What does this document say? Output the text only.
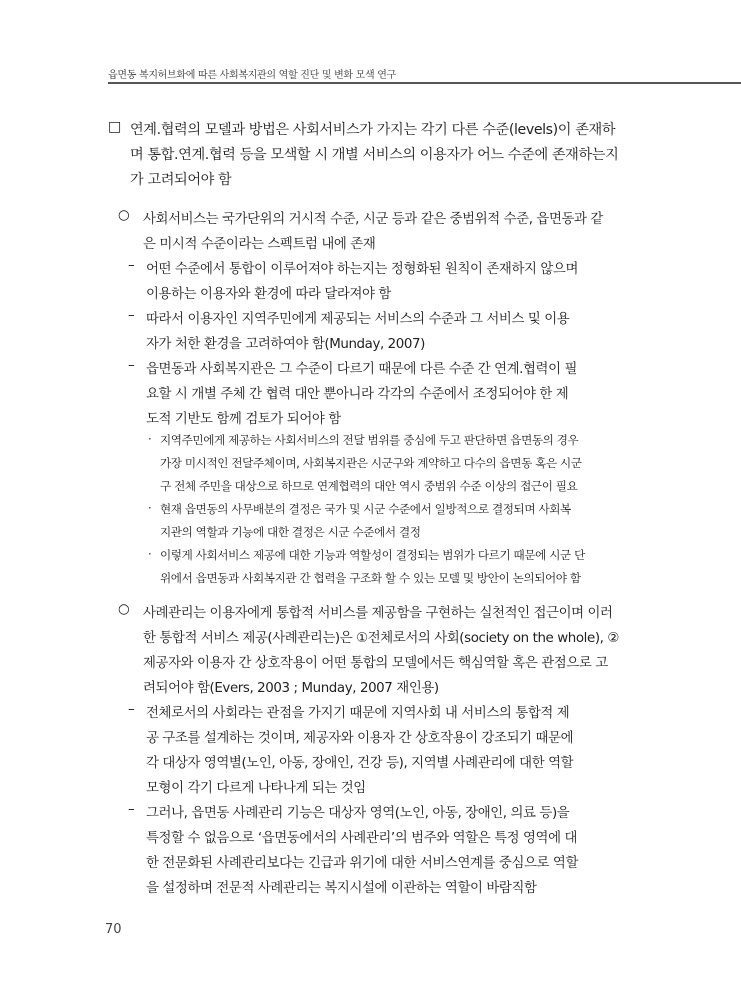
읍면동 복지허브화에 따른 사회복지관의 역할 진단 및 변화 모색 연구
□ 연계.협력의 모델과 방법은 사회서비스가 가지는 각기 다른 수준(levels)이 존재하
며 통합.연계.협력 등을 모색할 시 개별 서비스의 이용자가 어느 수준에 존재하는지
가 고려되어야 함
○ 사회서비스는 국가단위의 거시적 수준, 시군 등과 같은 중범위적 수준, 읍면동과 같
은 미시적 수준이라는 스펙트럼 내에 존재
– 어떤 수준에서 통합이 이루어져야 하는지는 정형화된 원칙이 존재하지 않으며
이용하는 이용자와 환경에 따라 달라져야 함
– 따라서 이용자인 지역주민에게 제공되는 서비스의 수준과 그 서비스 및 이용
자가 처한 환경을 고려하여야 함(Munday, 2007)
– 읍면동과 사회복지관은 그 수준이 다르기 때문에 다른 수준 간 연계.협력이 필
요할 시 개별 주체 간 협력 대안 뿐아니라 각각의 수준에서 조정되어야 한 제
도적 기반도 함께 검토가 되어야 함
· 지역주민에게 제공하는 사회서비스의 전달 범위를 중심에 두고 판단하면 읍면동의 경우
가장 미시적인 전달주체이며, 사회복지관은 시군구와 계약하고 다수의 읍면동 혹은 시군
구 전체 주민을 대상으로 하므로 연계협력의 대안 역시 중범위 수준 이상의 접근이 필요
· 현재 읍면동의 사무배분의 결정은 국가 및 시군 수준에서 일방적으로 결정되며 사회복
지관의 역할과 기능에 대한 결정은 시군 수준에서 결정
· 이렇게 사회서비스 제공에 대한 기능과 역할성이 결정되는 범위가 다르기 때문에 시군 단
위에서 읍면동과 사회복지관 간 협력을 구조화 할 수 있는 모델 및 방안이 논의되어야 함
○ 사례관리는 이용자에게 통합적 서비스를 제공함을 구현하는 실천적인 접근이며 이러
한 통합적 서비스 제공(사례관리는)은 ①전체로서의 사회(society on the whole), ②
제공자와 이용자 간 상호작용이 어떤 통합의 모델에서든 핵심역할 혹은 관점으로 고
려되어야 함(Evers, 2003 ; Munday, 2007 재인용)
– 전체로서의 사회라는 관점을 가지기 때문에 지역사회 내 서비스의 통합적 제
공 구조를 설계하는 것이며, 제공자와 이용자 간 상호작용이 강조되기 때문에
각 대상자 영역별(노인, 아동, 장애인, 건강 등), 지역별 사례관리에 대한 역할
모형이 각기 다르게 나타나게 되는 것임
– 그러나, 읍면동 사례관리 기능은 대상자 영역(노인, 아동, 장애인, 의료 등)을
특정할 수 없음으로 ‘읍면동에서의 사례관리’의 범주와 역할은 특정 영역에 대
한 전문화된 사례관리보다는 긴급과 위기에 대한 서비스연계를 중심으로 역할
을 설정하며 전문적 사례관리는 복지시설에 이관하는 역할이 바람직함
70
